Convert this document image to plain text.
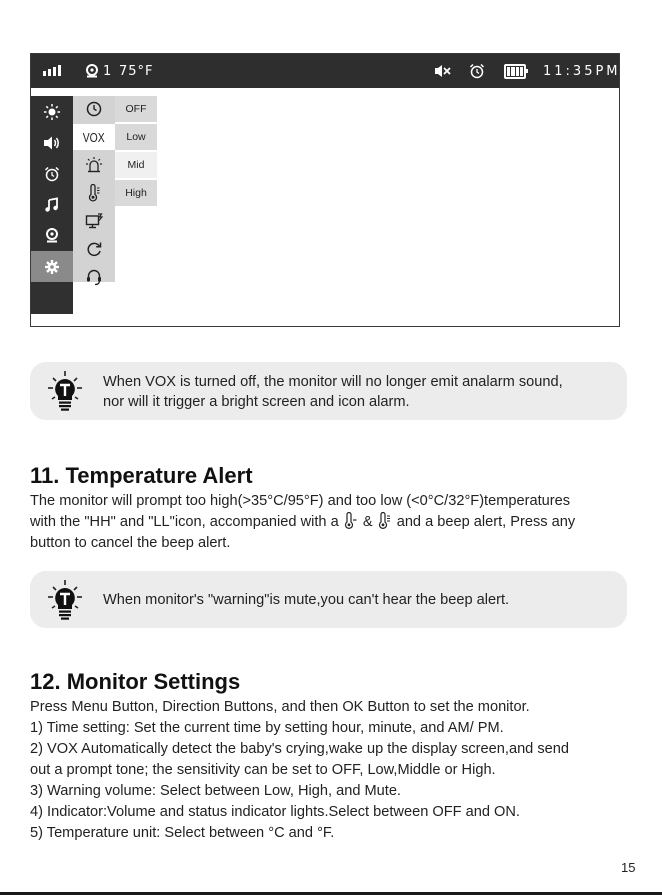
1 75°F	11:35PM
VOX
OFF
Low
Mid
High
When VOX is turned off, the monitor will no longer emit analarm sound,
nor will it trigger a bright screen and icon alarm.
11. Temperature Alert
The monitor will prompt too high(>35°C/95°F) and too low (<0°C/32°F)temperatures
with the "HH" and "LL"icon, accompanied with a & and a beep alert, Press any
button to cancel the beep alert.
When monitor's "warning"is mute,you can't hear the beep alert.
12. Monitor Settings
Press Menu Button, Direction Buttons, and then OK Button to set the monitor.
1) Time setting: Set the current time by setting hour, minute, and AM/ PM.
2) VOX Automatically detect the baby's crying,wake up the display screen,and send
out a prompt tone; the sensitivity can be set to OFF, Low,Middle or High.
3) Warning volume: Select between Low, High, and Mute.
4) Indicator:Volume and status indicator lights.Select between OFF and ON.
5) Temperature unit: Select between °C and °F.
15
